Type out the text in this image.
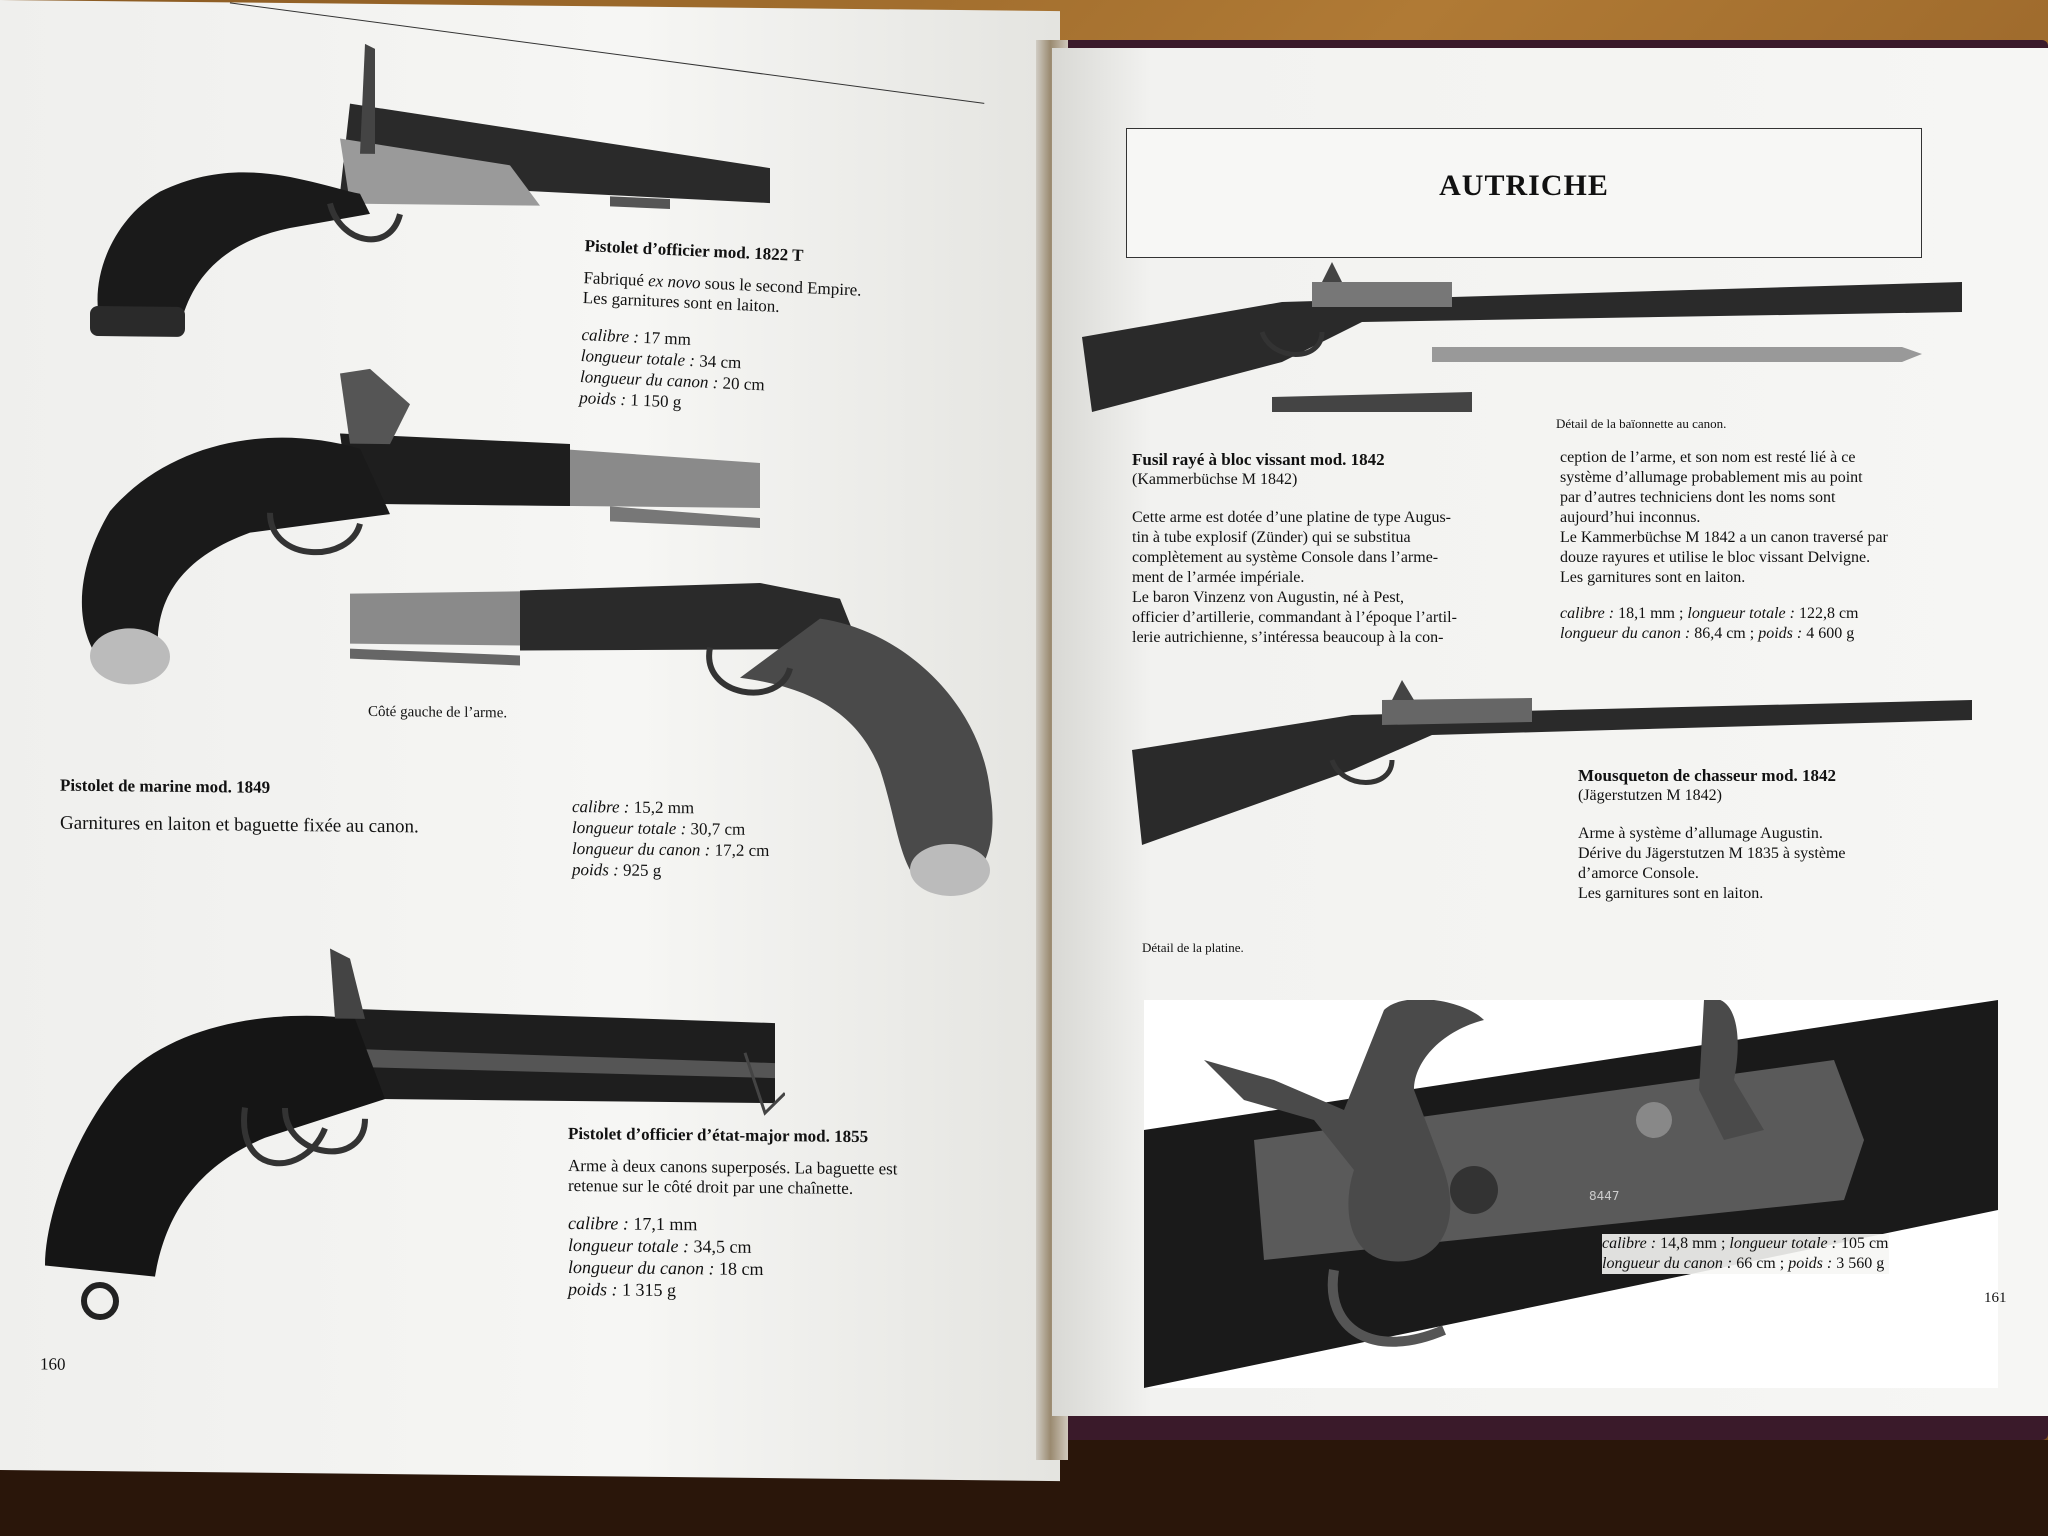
Pistolet d’officier mod. 1822 T
Fabriqué ex novo sous le second Empire.
Les garnitures sont en laiton.
calibre : 17 mm
longueur totale : 34 cm
longueur du canon : 20 cm
poids : 1 150 g
Côté gauche de l’arme.
Pistolet de marine mod. 1849
Garnitures en laiton et baguette fixée au canon.
calibre : 15,2 mm
longueur totale : 30,7 cm
longueur du canon : 17,2 cm
poids : 925 g
Pistolet d’officier d’état-major mod. 1855
Arme à deux canons superposés. La baguette est
retenue sur le côté droit par une chaînette.
calibre : 17,1 mm
longueur totale : 34,5 cm
longueur du canon : 18 cm
poids : 1 315 g
160
AUTRICHE
Détail de la baïonnette au canon.
Fusil rayé à bloc vissant mod. 1842
(Kammerbüchse M 1842)
Cette arme est dotée d’une platine de type Augus-
tin à tube explosif (Zünder) qui se substitua
complètement au système Console dans l’arme-
ment de l’armée impériale.
Le baron Vinzenz von Augustin, né à Pest,
officier d’artillerie, commandant à l’époque l’artil-
lerie autrichienne, s’intéressa beaucoup à la con-
ception de l’arme, et son nom est resté lié à ce
système d’allumage probablement mis au point
par d’autres techniciens dont les noms sont
aujourd’hui inconnus.
Le Kammerbüchse M 1842 a un canon traversé par
douze rayures et utilise le bloc vissant Delvigne.
Les garnitures sont en laiton.
calibre : 18,1 mm ; longueur totale : 122,8 cm
longueur du canon : 86,4 cm ; poids : 4 600 g
Mousqueton de chasseur mod. 1842
(Jägerstutzen M 1842)
Arme à système d’allumage Augustin.
Dérive du Jägerstutzen M 1835 à système
d’amorce Console.
Les garnitures sont en laiton.
Détail de la platine.
8447
calibre : 14,8 mm ; longueur totale : 105 cm
longueur du canon : 66 cm ; poids : 3 560 g
161
